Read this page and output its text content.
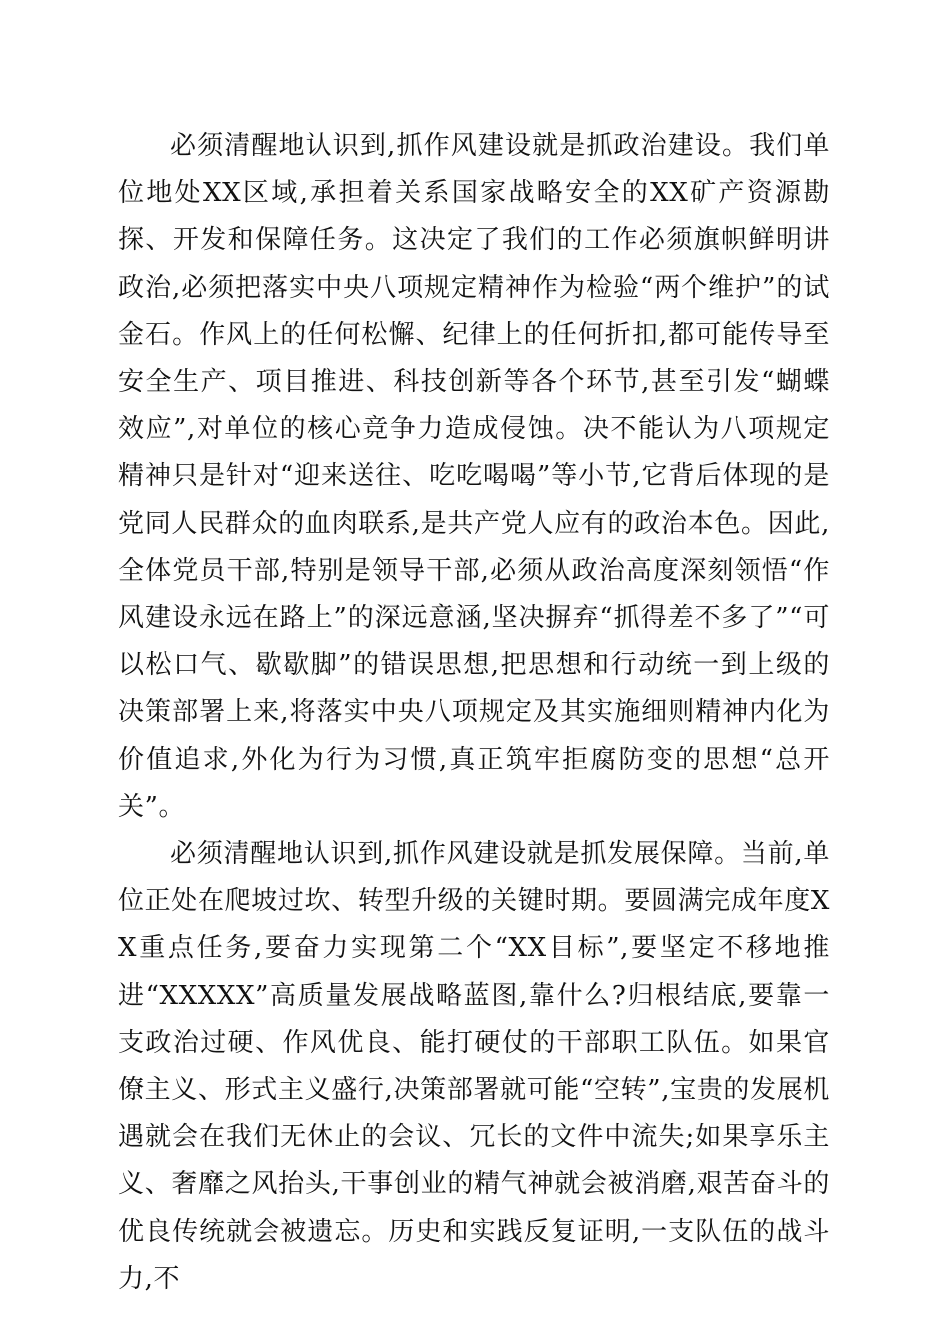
必须清醒地认识到,抓作风建设就是抓政治建设。我们单位地处XX区域,承担着关系国家战略安全的XX矿产资源勘探、开发和保障任务。这决定了我们的工作必须旗帜鲜明讲政治,必须把落实中央八项规定精神作为检验“两个维护”的试金石。作风上的任何松懈、纪律上的任何折扣,都可能传导至安全生产、项目推进、科技创新等各个环节,甚至引发“蝴蝶效应”,对单位的核心竞争力造成侵蚀。决不能认为八项规定精神只是针对“迎来送往、吃吃喝喝”等小节,它背后体现的是党同人民群众的血肉联系,是共产党人应有的政治本色。因此,全体党员干部,特别是领导干部,必须从政治高度深刻领悟“作风建设永远在路上”的深远意涵,坚决摒弃“抓得差不多了”“可以松口气、歇歇脚”的错误思想,把思想和行动统一到上级的决策部署上来,将落实中央八项规定及其实施细则精神内化为价值追求,外化为行为习惯,真正筑牢拒腐防变的思想“总开关”。

必须清醒地认识到,抓作风建设就是抓发展保障。当前,单位正处在爬坡过坎、转型升级的关键时期。要圆满完成年度XX重点任务,要奋力实现第二个“XX目标”,要坚定不移地推进“XXXXX”高质量发展战略蓝图,靠什么?归根结底,要靠一支政治过硬、作风优良、能打硬仗的干部职工队伍。如果官僚主义、形式主义盛行,决策部署就可能“空转”,宝贵的发展机遇就会在我们无休止的会议、冗长的文件中流失;如果享乐主义、奢靡之风抬头,干事创业的精气神就会被消磨,艰苦奋斗的优良传统就会被遗忘。历史和实践反复证明,一支队伍的战斗力,不
